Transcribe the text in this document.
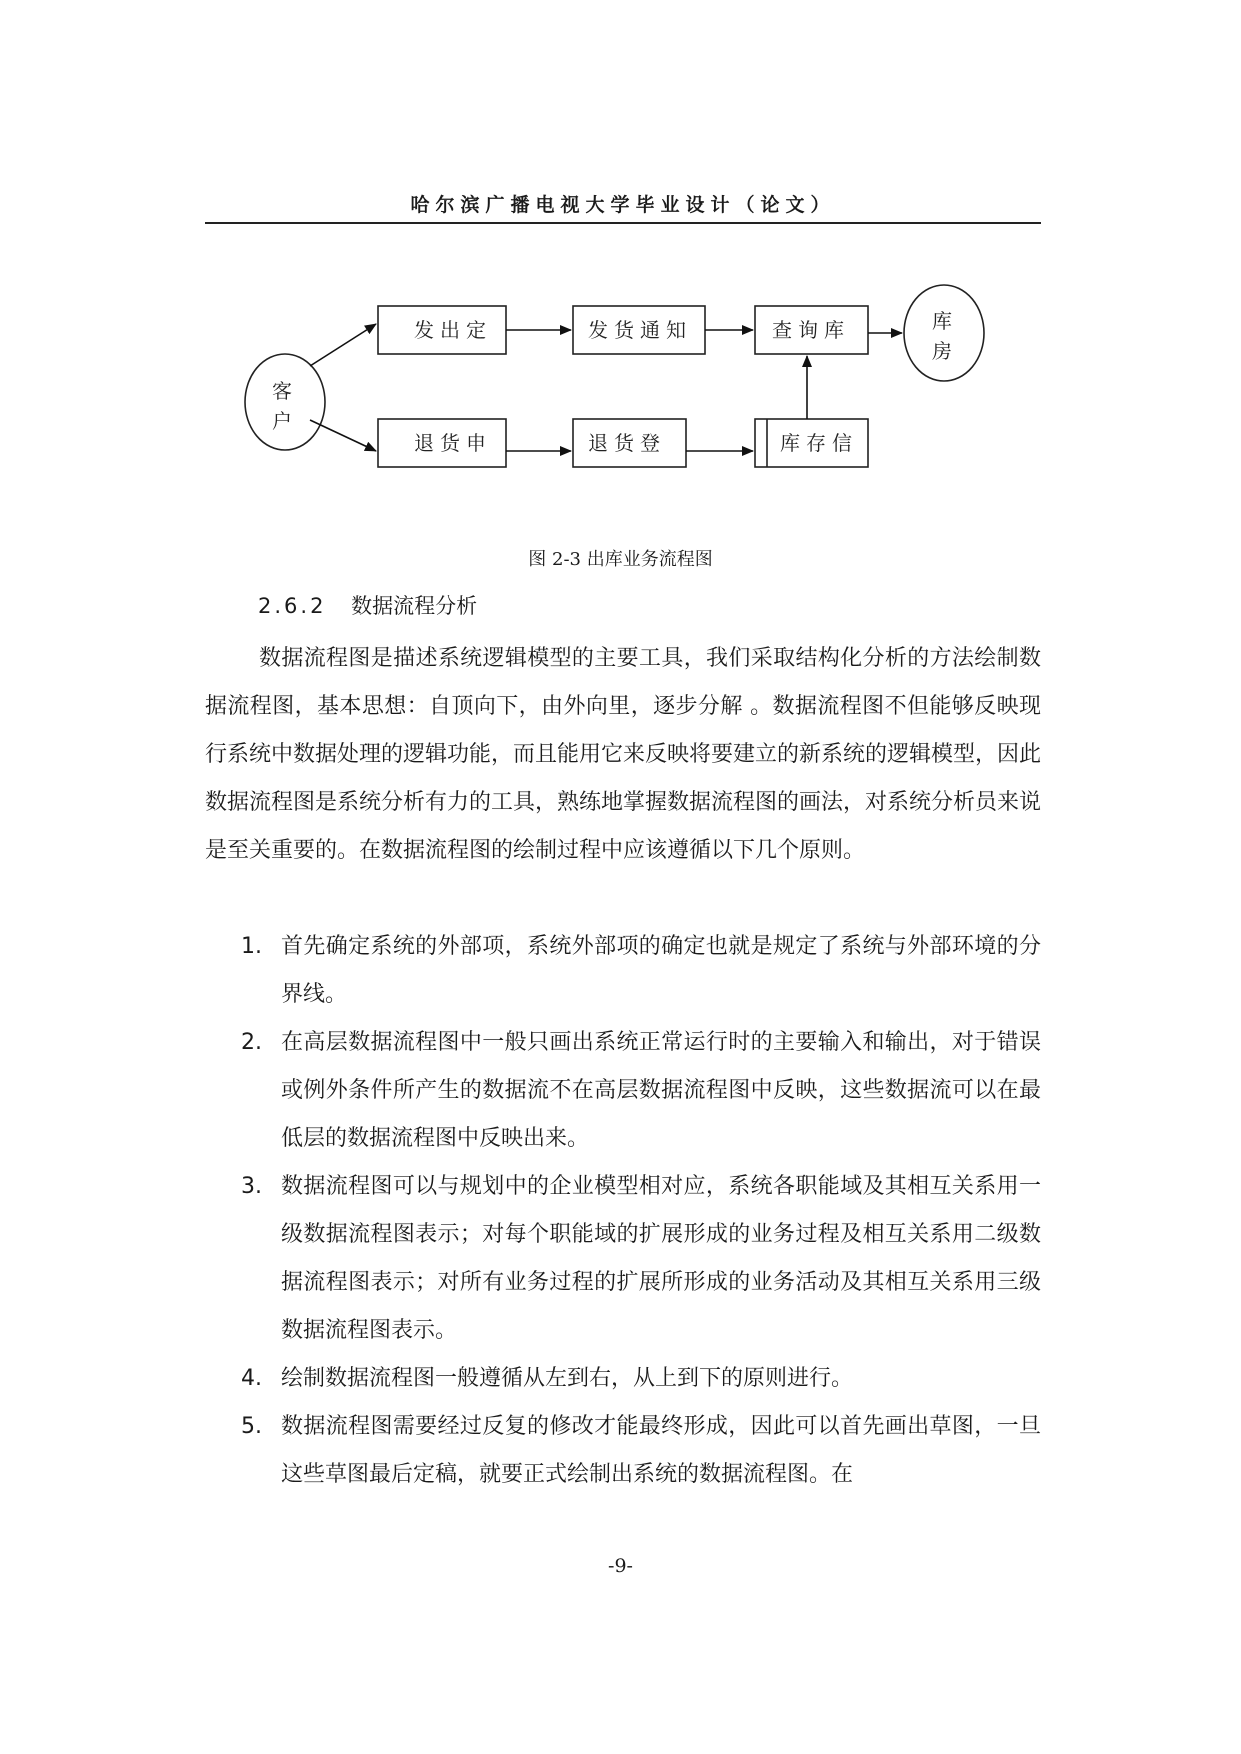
哈尔滨广播电视大学毕业设计（论文）
客
户
库
房
发出定	发货通知	查询库
退货申	退货登	库存信
图 2-3 出库业务流程图
2.6.2 数据流程分析

数据流程图是描述系统逻辑模型的主要工具，我们采取结构化分析的方法绘制数据流程图，基本思想：自顶向下，由外向里，逐步分解 。数据流程图不但能够反映现行系统中数据处理的逻辑功能，而且能用它来反映将要建立的新系统的逻辑模型，因此数据流程图是系统分析有力的工具，熟练地掌握数据流程图的画法，对系统分析员来说是至关重要的。在数据流程图的绘制过程中应该遵循以下几个原则。

1. 首先确定系统的外部项，系统外部项的确定也就是规定了系统与外部环境的分界线。
2. 在高层数据流程图中一般只画出系统正常运行时的主要输入和输出，对于错误或例外条件所产生的数据流不在高层数据流程图中反映，这些数据流可以在最低层的数据流程图中反映出来。
3. 数据流程图可以与规划中的企业模型相对应，系统各职能域及其相互关系用一级数据流程图表示；对每个职能域的扩展形成的业务过程及相互关系用二级数据流程图表示；对所有业务过程的扩展所形成的业务活动及其相互关系用三级数据流程图表示。
4. 绘制数据流程图一般遵循从左到右，从上到下的原则进行。
5. 数据流程图需要经过反复的修改才能最终形成，因此可以首先画出草图，一旦这些草图最后定稿，就要正式绘制出系统的数据流程图。在
-9-
